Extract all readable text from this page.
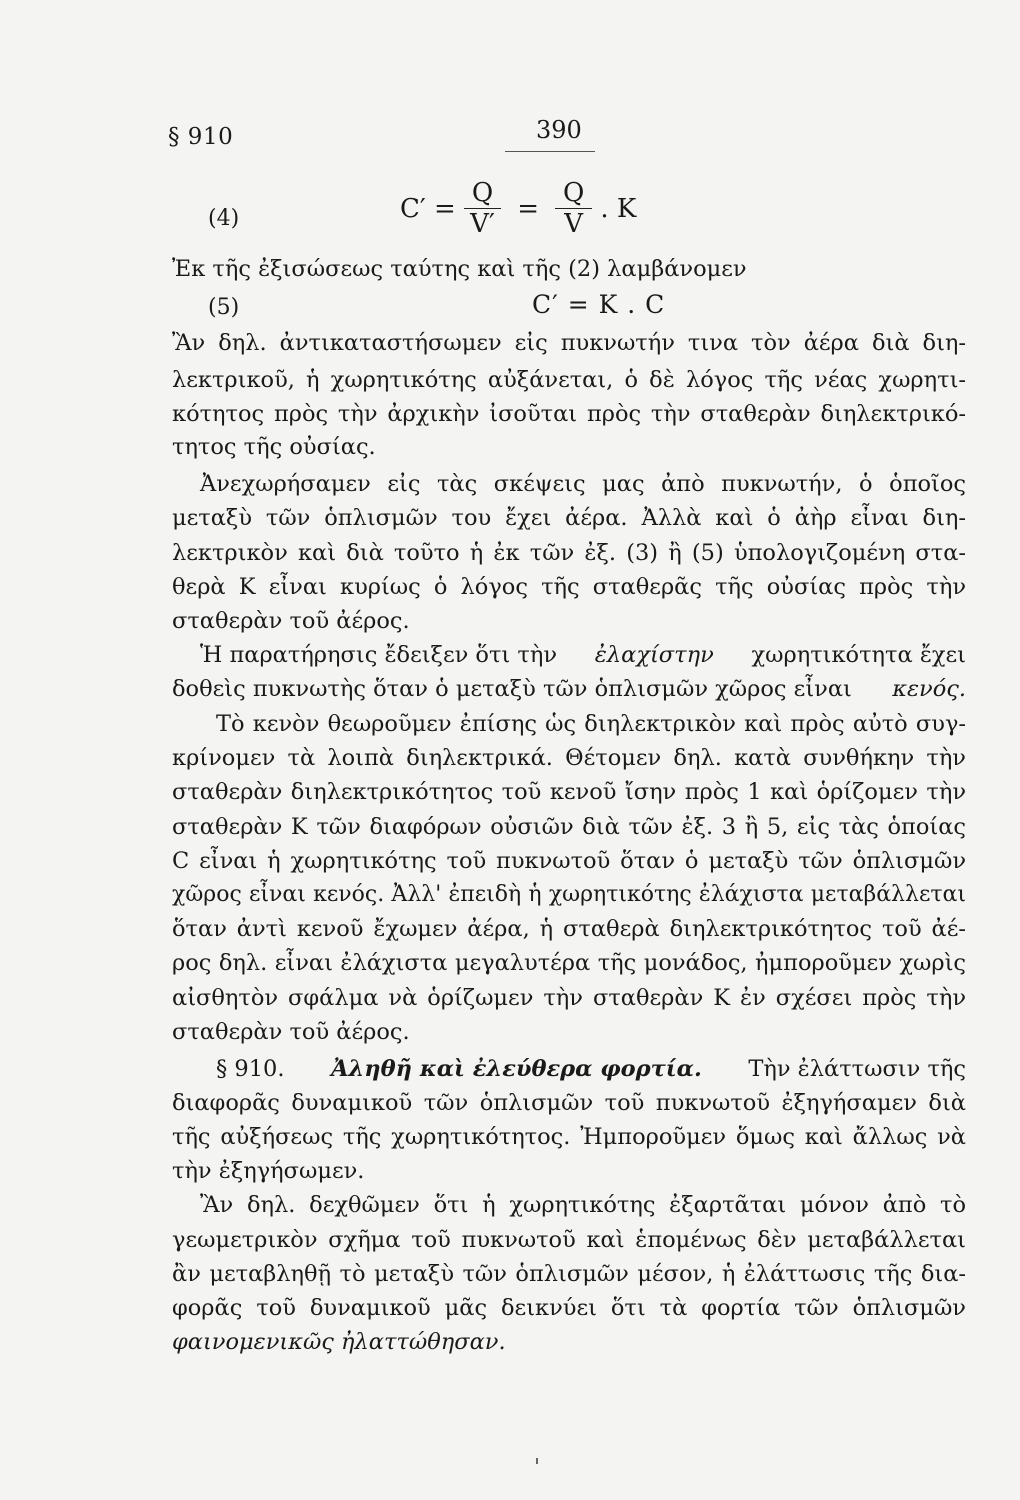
§ 910	390
(4)	$C' = \frac{Q}{V'} = \frac{Q}{V}$ . K
Ἐκ τῆς ἐξισώσεως ταύτης καὶ τῆς (2) λαμβάνομεν
(5)	C′ = K . C
Ἂν δηλ. ἀντικαταστήσωμεν εἰς πυκνωτήν τινα τὸν ἀέρα διὰ διη-
λεκτρικοῦ, ἡ χωρητικότης αὐξάνεται, ὁ δὲ λόγος τῆς νέας χωρητι-
κότητος πρὸς τὴν ἀρχικὴν ἰσοῦται πρὸς τὴν σταθερὰν διηλεκτρικό-
τητος τῆς οὐσίας.
Ἀνεχωρήσαμεν εἰς τὰς σκέψεις μας ἀπὸ πυκνωτήν, ὁ ὁποῖος
μεταξὺ τῶν ὁπλισμῶν του ἔχει ἀέρα. Ἀλλὰ καὶ ὁ ἀὴρ εἶναι διη-
λεκτρικὸν καὶ διὰ τοῦτο ἡ ἐκ τῶν ἐξ. (3) ἢ (5) ὑπολογιζομένη στα-
θερὰ K εἶναι κυρίως ὁ λόγος τῆς σταθερᾶς τῆς οὐσίας πρὸς τὴν
σταθερὰν τοῦ ἀέρος.
Ἡ παρατήρησις ἔδειξεν ὅτι τὴν ἐλαχίστην χωρητικότητα ἔχει
δοθεὶς πυκνωτὴς ὅταν ὁ μεταξὺ τῶν ὁπλισμῶν χῶρος εἶναι κενός.
Τὸ κενὸν θεωροῦμεν ἐπίσης ὡς διηλεκτρικὸν καὶ πρὸς αὐτὸ συγ-
κρίνομεν τὰ λοιπὰ διηλεκτρικά. Θέτομεν δηλ. κατὰ συνθήκην τὴν
σταθερὰν διηλεκτρικότητος τοῦ κενοῦ ἴσην πρὸς 1 καὶ ὁρίζομεν τὴν
σταθερὰν K τῶν διαφόρων οὐσιῶν διὰ τῶν ἐξ. 3 ἢ 5, εἰς τὰς ὁποίας
C εἶναι ἡ χωρητικότης τοῦ πυκνωτοῦ ὅταν ὁ μεταξὺ τῶν ὁπλισμῶν
χῶρος εἶναι κενός. Ἀλλ' ἐπειδὴ ἡ χωρητικότης ἐλάχιστα μεταβάλλεται
ὅταν ἀντὶ κενοῦ ἔχωμεν ἀέρα, ἡ σταθερὰ διηλεκτρικότητος τοῦ ἀέ-
ρος δηλ. εἶναι ἐλάχιστα μεγαλυτέρα τῆς μονάδος, ἠμποροῦμεν χωρὶς
αἰσθητὸν σφάλμα νὰ ὁρίζωμεν τὴν σταθερὰν K ἐν σχέσει πρὸς τὴν
σταθερὰν τοῦ ἀέρος.
§ 910. Ἀληθῆ καὶ ἐλεύθερα φορτία. Τὴν ἐλάττωσιν τῆς
διαφορᾶς δυναμικοῦ τῶν ὁπλισμῶν τοῦ πυκνωτοῦ ἐξηγήσαμεν διὰ
τῆς αὐξήσεως τῆς χωρητικότητος. Ἠμποροῦμεν ὅμως καὶ ἄλλως νὰ
τὴν ἐξηγήσωμεν.
Ἂν δηλ. δεχθῶμεν ὅτι ἡ χωρητικότης ἐξαρτᾶται μόνον ἀπὸ τὸ
γεωμετρικὸν σχῆμα τοῦ πυκνωτοῦ καὶ ἑπομένως δὲν μεταβάλλεται
ἂν μεταβληθῇ τὸ μεταξὺ τῶν ὁπλισμῶν μέσον, ἡ ἐλάττωσις τῆς δια-
φορᾶς τοῦ δυναμικοῦ μᾶς δεικνύει ὅτι τὰ φορτία τῶν ὁπλισμῶν
φαινομενικῶς ἠλαττώθησαν.
